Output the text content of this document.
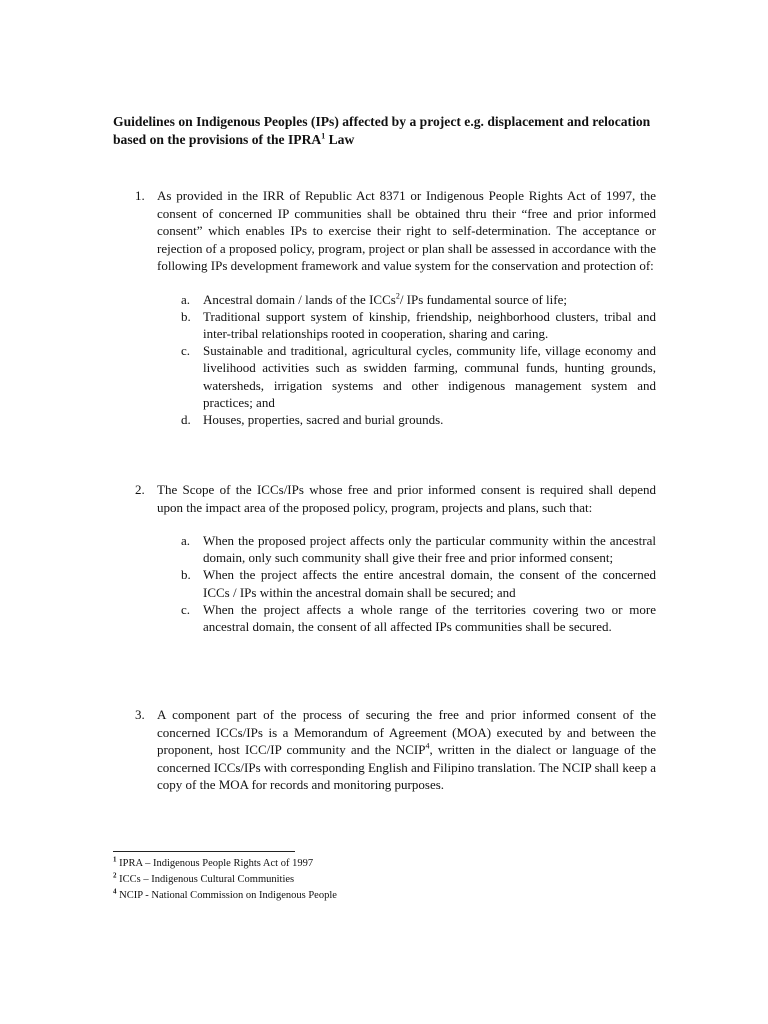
Guidelines on Indigenous Peoples (IPs) affected by a project e.g. displacement and relocation based on the provisions of the IPRA$^1$ Law
1. As provided in the IRR of Republic Act 8371 or Indigenous People Rights Act of 1997, the consent of concerned IP communities shall be obtained thru their “free and prior informed consent” which enables IPs to exercise their right to self-determination. The acceptance or rejection of a proposed policy, program, project or plan shall be assessed in accordance with the following IPs development framework and value system for the conservation and protection of:
a. Ancestral domain / lands of the ICCs$^2$/ IPs fundamental source of life;
b. Traditional support system of kinship, friendship, neighborhood clusters, tribal and inter-tribal relationships rooted in cooperation, sharing and caring.
c. Sustainable and traditional, agricultural cycles, community life, village economy and livelihood activities such as swidden farming, communal funds, hunting grounds, watersheds, irrigation systems and other indigenous management system and practices; and
d. Houses, properties, sacred and burial grounds.
2. The Scope of the ICCs/IPs whose free and prior informed consent is required shall depend upon the impact area of the proposed policy, program, projects and plans, such that:
a. When the proposed project affects only the particular community within the ancestral domain, only such community shall give their free and prior informed consent;
b. When the project affects the entire ancestral domain, the consent of the concerned ICCs / IPs within the ancestral domain shall be secured; and
c. When the project affects a whole range of the territories covering two or more ancestral domain, the consent of all affected IPs communities shall be secured.
3. A component part of the process of securing the free and prior informed consent of the concerned ICCs/IPs is a Memorandum of Agreement (MOA) executed by and between the proponent, host ICC/IP community and the NCIP$^4$, written in the dialect or language of the concerned ICCs/IPs with corresponding English and Filipino translation. The NCIP shall keep a copy of the MOA for records and monitoring purposes.
$^1$ IPRA – Indigenous People Rights Act of 1997
$^2$ ICCs – Indigenous Cultural Communities
$^4$ NCIP - National Commission on Indigenous People
